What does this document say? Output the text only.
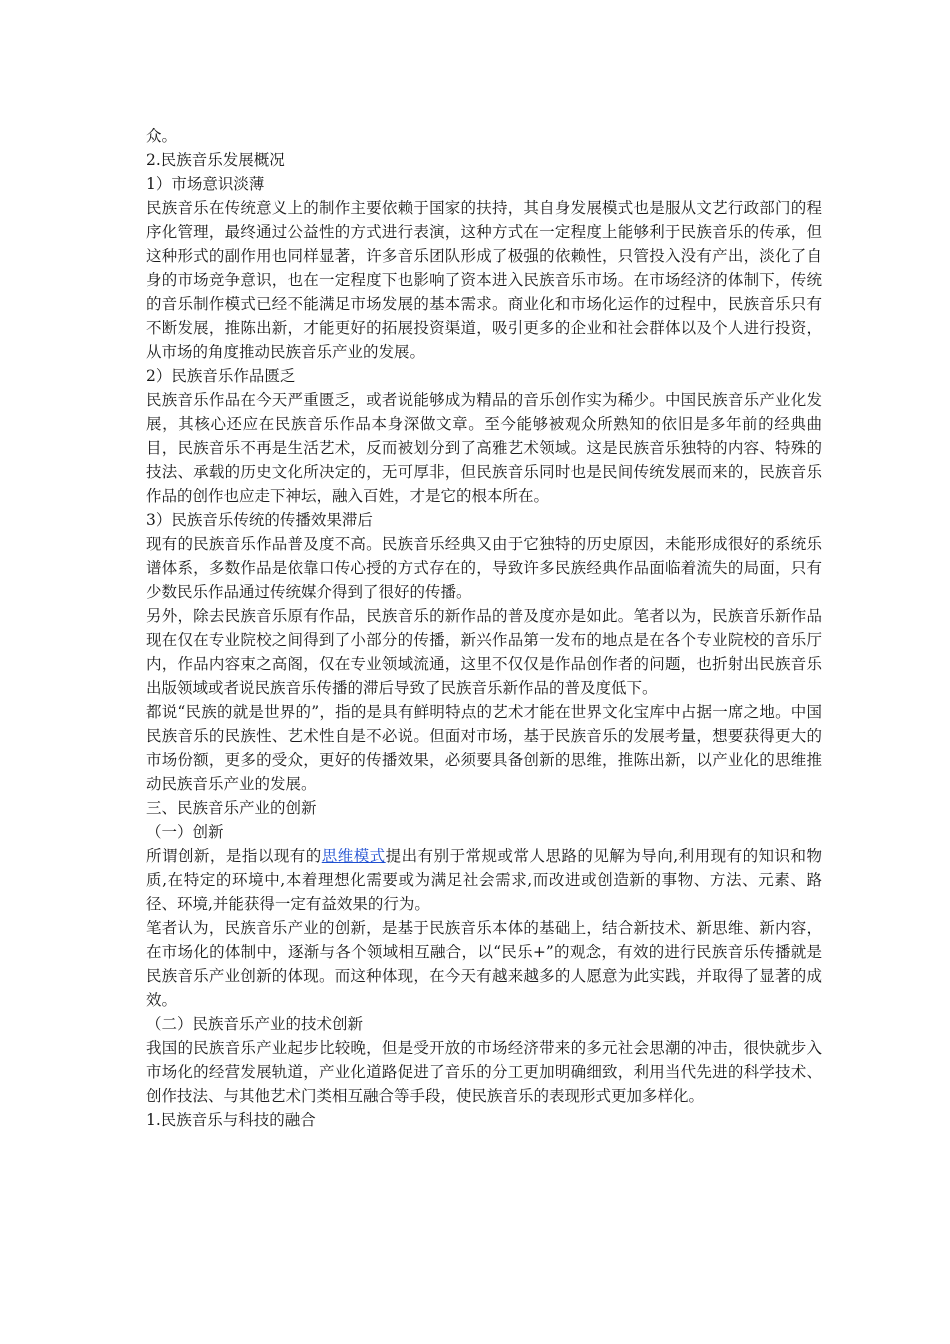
众。

2.民族音乐发展概况

1）市场意识淡薄

民族音乐在传统意义上的制作主要依赖于国家的扶持，其自身发展模式也是服从文艺行政部门的程序化管理，最终通过公益性的方式进行表演，这种方式在一定程度上能够利于民族音乐的传承，但这种形式的副作用也同样显著，许多音乐团队形成了极强的依赖性，只管投入没有产出，淡化了自身的市场竞争意识，也在一定程度下也影响了资本进入民族音乐市场。在市场经济的体制下，传统的音乐制作模式已经不能满足市场发展的基本需求。商业化和市场化运作的过程中，民族音乐只有不断发展，推陈出新，才能更好的拓展投资渠道，吸引更多的企业和社会群体以及个人进行投资，从市场的角度推动民族音乐产业的发展。

2）民族音乐作品匮乏

民族音乐作品在今天严重匮乏，或者说能够成为精品的音乐创作实为稀少。中国民族音乐产业化发展，其核心还应在民族音乐作品本身深做文章。至今能够被观众所熟知的依旧是多年前的经典曲目，民族音乐不再是生活艺术，反而被划分到了高雅艺术领域。这是民族音乐独特的内容、特殊的技法、承载的历史文化所决定的，无可厚非，但民族音乐同时也是民间传统发展而来的，民族音乐作品的创作也应走下神坛，融入百姓，才是它的根本所在。

3）民族音乐传统的传播效果滞后

现有的民族音乐作品普及度不高。民族音乐经典又由于它独特的历史原因，未能形成很好的系统乐谱体系，多数作品是依靠口传心授的方式存在的，导致许多民族经典作品面临着流失的局面，只有少数民乐作品通过传统媒介得到了很好的传播。

另外，除去民族音乐原有作品，民族音乐的新作品的普及度亦是如此。笔者以为，民族音乐新作品现在仅在专业院校之间得到了小部分的传播，新兴作品第一发布的地点是在各个专业院校的音乐厅内，作品内容束之高阁，仅在专业领域流通，这里不仅仅是作品创作者的问题，也折射出民族音乐出版领域或者说民族音乐传播的滞后导致了民族音乐新作品的普及度低下。

都说“民族的就是世界的”，指的是具有鲜明特点的艺术才能在世界文化宝库中占据一席之地。中国民族音乐的民族性、艺术性自是不必说。但面对市场，基于民族音乐的发展考量，想要获得更大的市场份额，更多的受众，更好的传播效果，必须要具备创新的思维，推陈出新，以产业化的思维推动民族音乐产业的发展。

三、民族音乐产业的创新

（一）创新

所谓创新，是指以现有的思维模式提出有别于常规或常人思路的见解为导向,利用现有的知识和物质,在特定的环境中,本着理想化需要或为满足社会需求,而改进或创造新的事物、方法、元素、路径、环境,并能获得一定有益效果的行为。

笔者认为，民族音乐产业的创新，是基于民族音乐本体的基础上，结合新技术、新思维、新内容，在市场化的体制中，逐渐与各个领域相互融合，以“民乐+”的观念，有效的进行民族音乐传播就是民族音乐产业创新的体现。而这种体现，在今天有越来越多的人愿意为此实践，并取得了显著的成效。

（二）民族音乐产业的技术创新

我国的民族音乐产业起步比较晚，但是受开放的市场经济带来的多元社会思潮的冲击，很快就步入市场化的经营发展轨道，产业化道路促进了音乐的分工更加明确细致，利用当代先进的科学技术、创作技法、与其他艺术门类相互融合等手段，使民族音乐的表现形式更加多样化。

1.民族音乐与科技的融合
